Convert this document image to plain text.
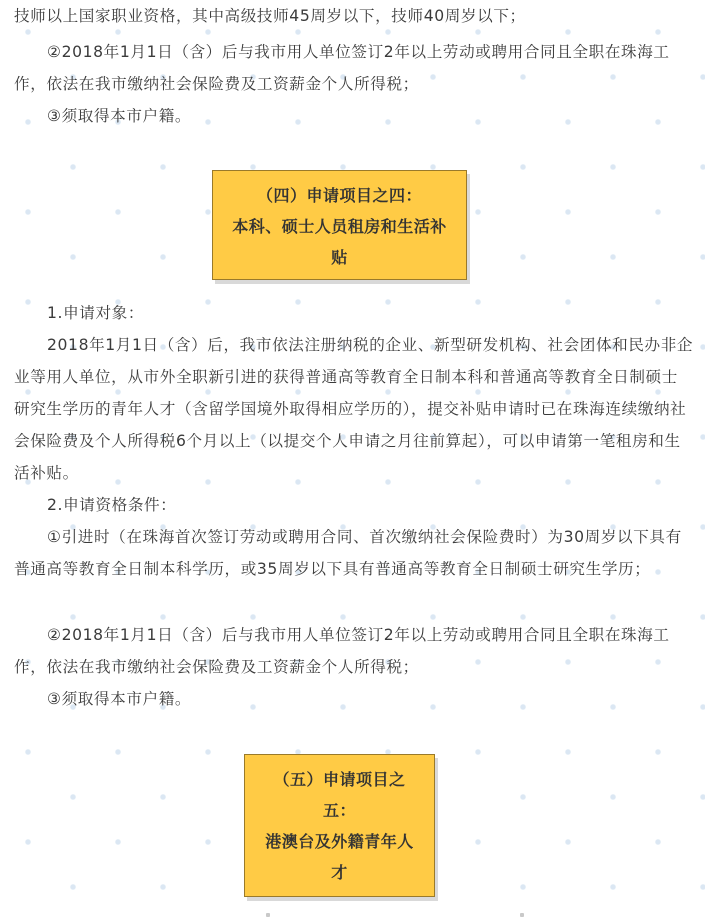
技师以上国家职业资格，其中高级技师45周岁以下，技师40周岁以下；

②2018年1月1日（含）后与我市用人单位签订2年以上劳动或聘用合同且全职在珠海工作，依法在我市缴纳社会保险费及工资薪金个人所得税；

③须取得本市户籍。

（四）申请项目之四：
本科、硕士人员租房和生活补
贴

1.申请对象：

2018年1月1日（含）后，我市依法注册纳税的企业、新型研发机构、社会团体和民办非企业等用人单位，从市外全职新引进的获得普通高等教育全日制本科和普通高等教育全日制硕士研究生学历的青年人才（含留学国境外取得相应学历的），提交补贴申请时已在珠海连续缴纳社会保险费及个人所得税6个月以上（以提交个人申请之月往前算起），可以申请第一笔租房和生活补贴。

2.申请资格条件：

①引进时（在珠海首次签订劳动或聘用合同、首次缴纳社会保险费时）为30周岁以下具有普通高等教育全日制本科学历，或35周岁以下具有普通高等教育全日制硕士研究生学历；

②2018年1月1日（含）后与我市用人单位签订2年以上劳动或聘用合同且全职在珠海工作，依法在我市缴纳社会保险费及工资薪金个人所得税；

③须取得本市户籍。

（五）申请项目之
五：
港澳台及外籍青年人
才
